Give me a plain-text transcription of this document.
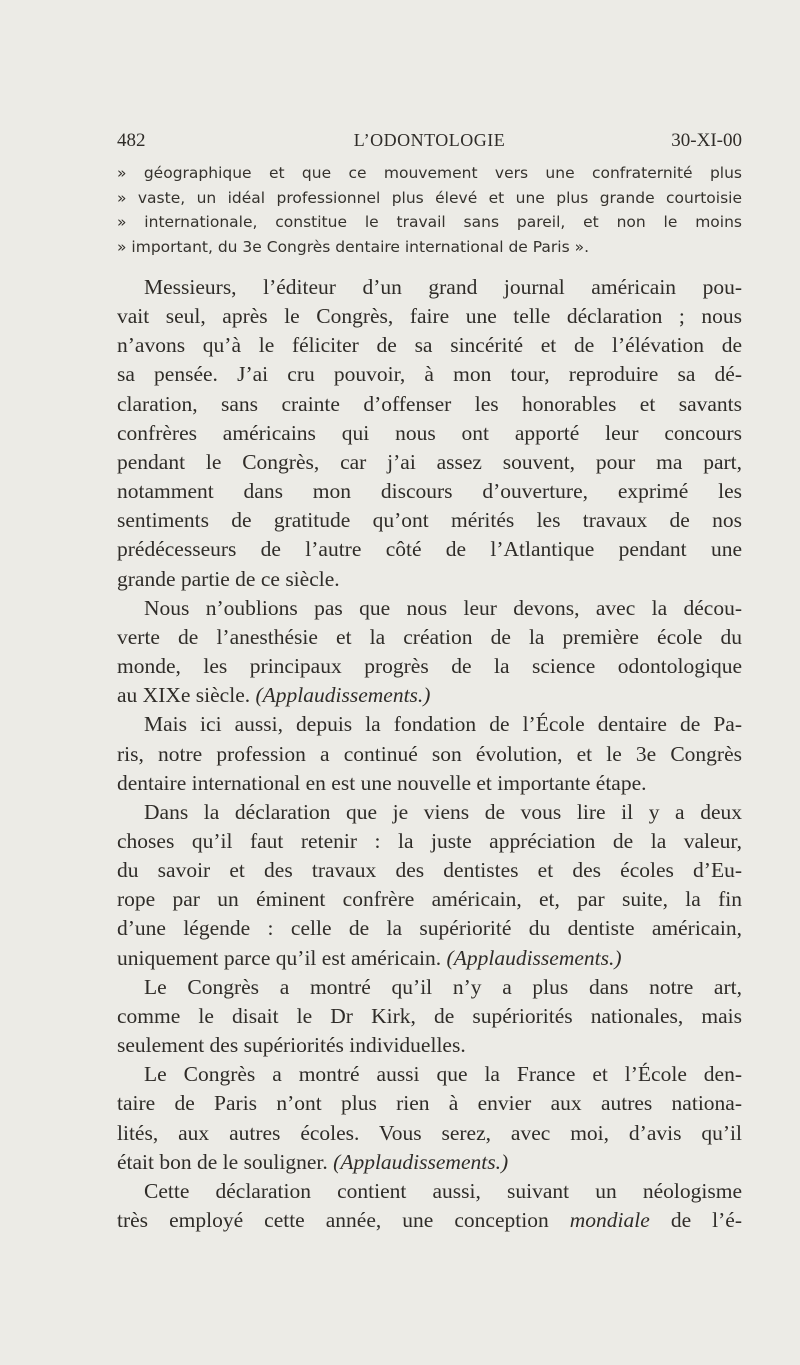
482	L’ODONTOLOGIE	30-XI-00
» géographique et que ce mouvement vers une confraternité plus
» vaste, un idéal professionnel plus élevé et une plus grande courtoisie
» internationale, constitue le travail sans pareil, et non le moins
» important, du 3e Congrès dentaire international de Paris ».
Messieurs, l’éditeur d’un grand journal américain pou-
vait seul, après le Congrès, faire une telle déclaration ; nous
n’avons qu’à le féliciter de sa sincérité et de l’élévation de
sa pensée. J’ai cru pouvoir, à mon tour, reproduire sa dé-
claration, sans crainte d’offenser les honorables et savants
confrères américains qui nous ont apporté leur concours
pendant le Congrès, car j’ai assez souvent, pour ma part,
notamment dans mon discours d’ouverture, exprimé les
sentiments de gratitude qu’ont mérités les travaux de nos
prédécesseurs de l’autre côté de l’Atlantique pendant une
grande partie de ce siècle.
Nous n’oublions pas que nous leur devons, avec la décou-
verte de l’anesthésie et la création de la première école du
monde, les principaux progrès de la science odontologique
au XIXe siècle. (Applaudissements.)
Mais ici aussi, depuis la fondation de l’École dentaire de Pa-
ris, notre profession a continué son évolution, et le 3e Congrès
dentaire international en est une nouvelle et importante étape.
Dans la déclaration que je viens de vous lire il y a deux
choses qu’il faut retenir : la juste appréciation de la valeur,
du savoir et des travaux des dentistes et des écoles d’Eu-
rope par un éminent confrère américain, et, par suite, la fin
d’une légende : celle de la supériorité du dentiste américain,
uniquement parce qu’il est américain. (Applaudissements.)
Le Congrès a montré qu’il n’y a plus dans notre art,
comme le disait le Dr Kirk, de supériorités nationales, mais
seulement des supériorités individuelles.
Le Congrès a montré aussi que la France et l’École den-
taire de Paris n’ont plus rien à envier aux autres nationa-
lités, aux autres écoles. Vous serez, avec moi, d’avis qu’il
était bon de le souligner. (Applaudissements.)
Cette déclaration contient aussi, suivant un néologisme
très employé cette année, une conception mondiale de l’é-
